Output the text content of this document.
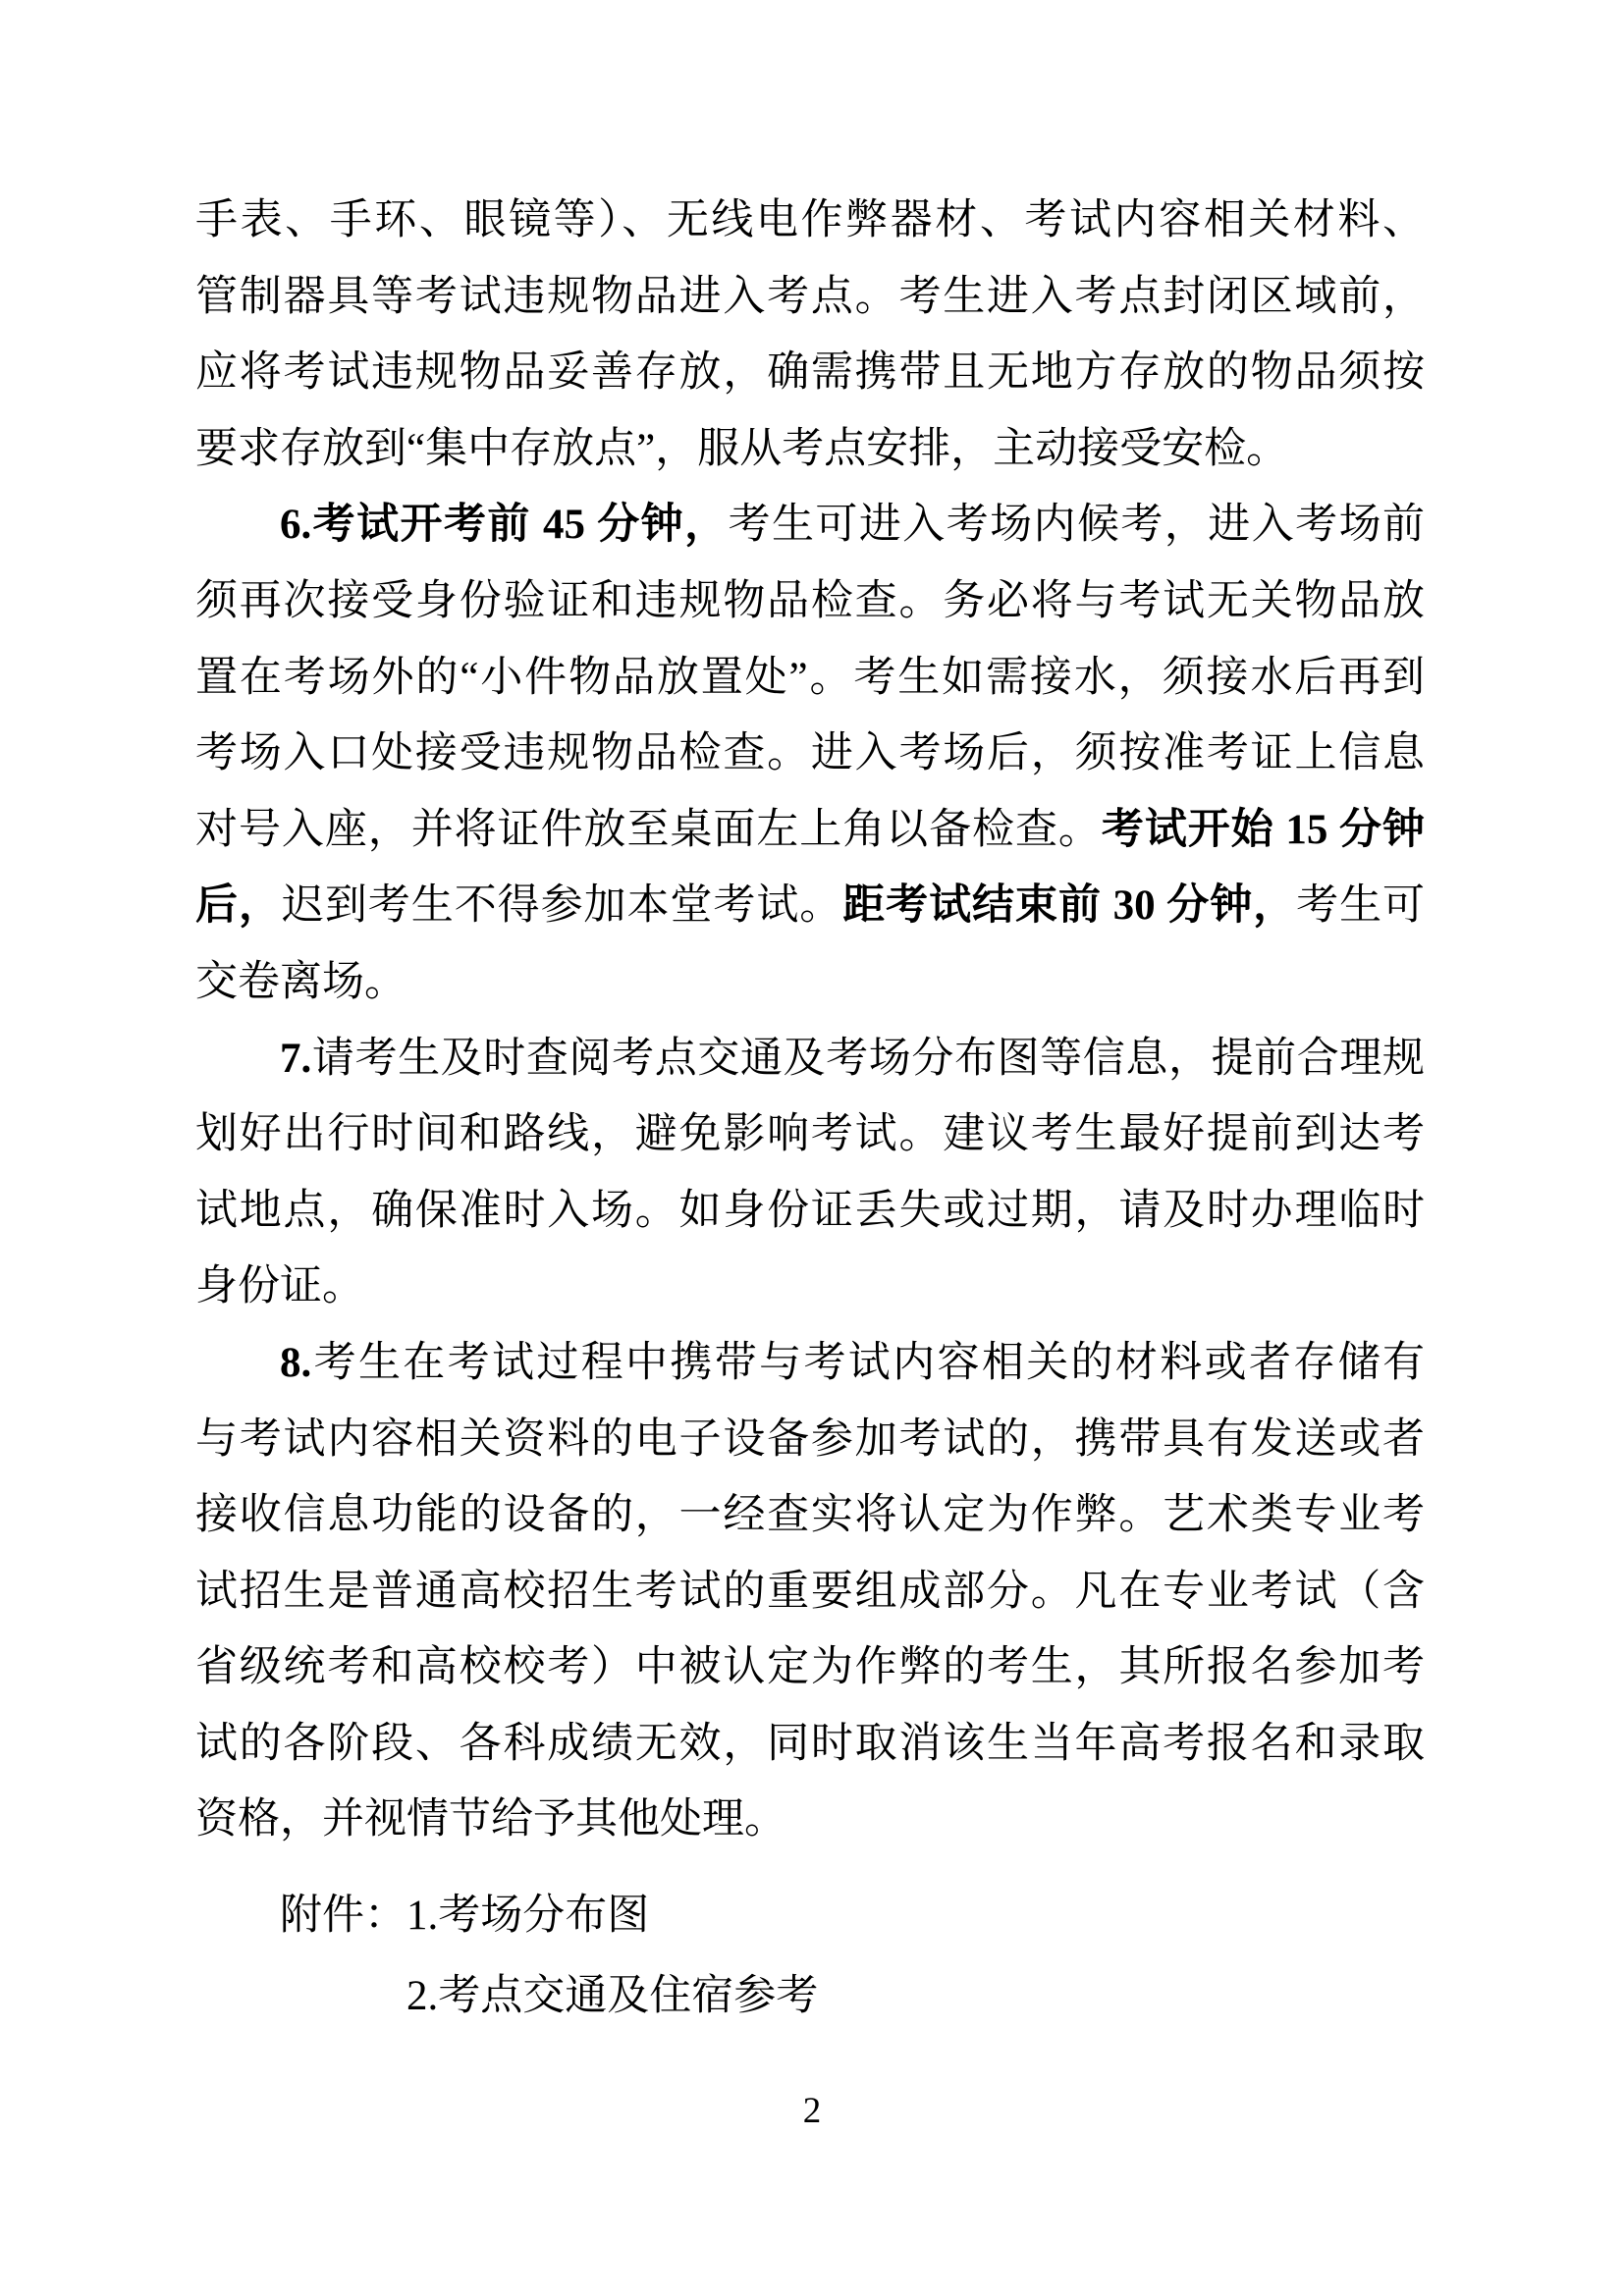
手表、手环、眼镜等）、无线电作弊器材、考试内容相关材料、
管制器具等考试违规物品进入考点。考生进入考点封闭区域前，
应将考试违规物品妥善存放，确需携带且无地方存放的物品须按
要求存放到“集中存放点”，服从考点安排，主动接受安检。
6.考试开考前 45 分钟，考生可进入考场内候考，进入考场前
须再次接受身份验证和违规物品检查。务必将与考试无关物品放
置在考场外的“小件物品放置处”。考生如需接水，须接水后再到
考场入口处接受违规物品检查。进入考场后，须按准考证上信息
对号入座，并将证件放至桌面左上角以备检查。考试开始 15 分钟
后，迟到考生不得参加本堂考试。距考试结束前 30 分钟，考生可
交卷离场。
7.请考生及时查阅考点交通及考场分布图等信息，提前合理规
划好出行时间和路线，避免影响考试。建议考生最好提前到达考
试地点，确保准时入场。如身份证丢失或过期，请及时办理临时
身份证。
8.考生在考试过程中携带与考试内容相关的材料或者存储有
与考试内容相关资料的电子设备参加考试的，携带具有发送或者
接收信息功能的设备的，一经查实将认定为作弊。艺术类专业考
试招生是普通高校招生考试的重要组成部分。凡在专业考试（含
省级统考和高校校考）中被认定为作弊的考生，其所报名参加考
试的各阶段、各科成绩无效，同时取消该生当年高考报名和录取
资格，并视情节给予其他处理。
附件：1.考场分布图
2.考点交通及住宿参考
2
